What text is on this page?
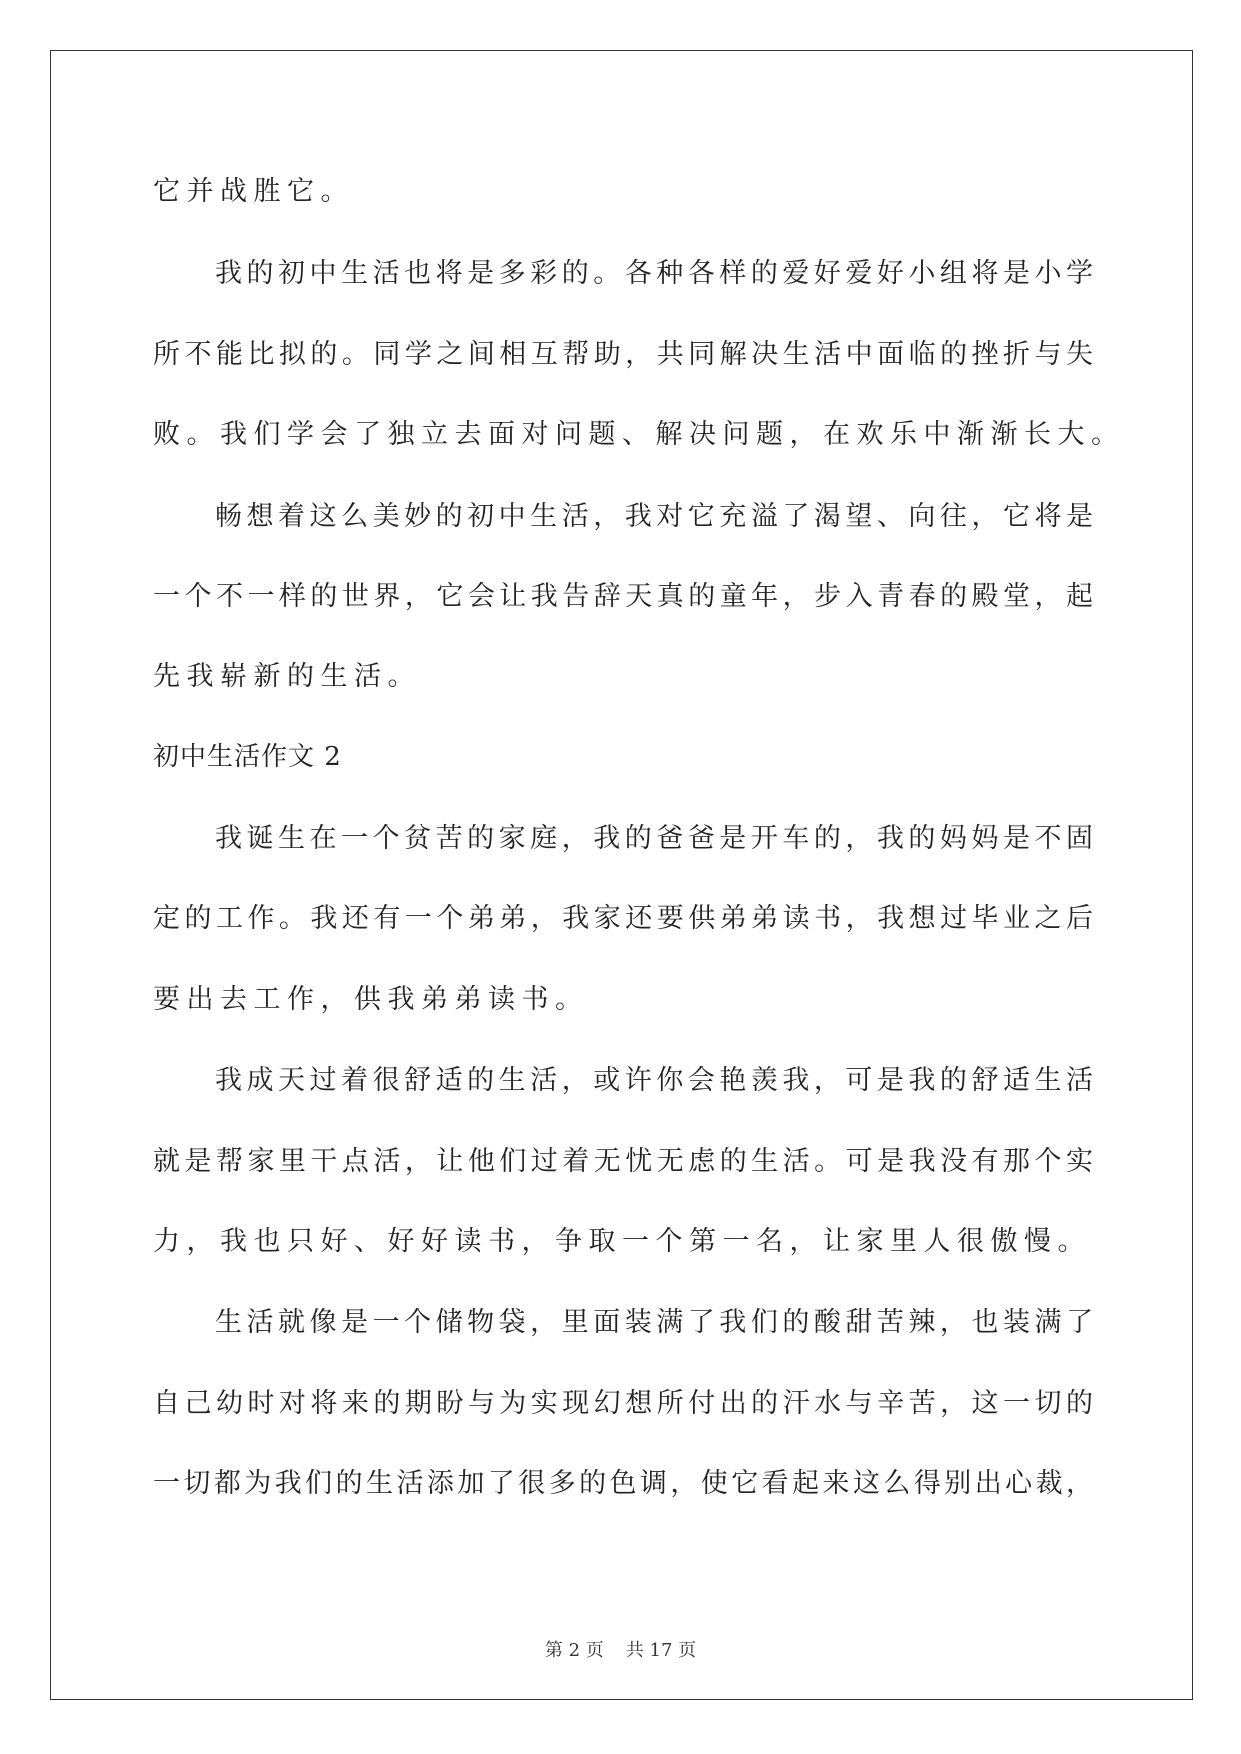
它并战胜它。
我的初中生活也将是多彩的。各种各样的爱好爱好小组将是小学
所不能比拟的。同学之间相互帮助，共同解决生活中面临的挫折与失
败。我们学会了独立去面对问题、解决问题，在欢乐中渐渐长大。
畅想着这么美妙的初中生活，我对它充溢了渴望、向往，它将是
一个不一样的世界，它会让我告辞天真的童年，步入青春的殿堂，起
先我崭新的生活。
初中生活作文 2
我诞生在一个贫苦的家庭，我的爸爸是开车的，我的妈妈是不固
定的工作。我还有一个弟弟，我家还要供弟弟读书，我想过毕业之后
要出去工作，供我弟弟读书。
我成天过着很舒适的生活，或许你会艳羡我，可是我的舒适生活
就是帮家里干点活，让他们过着无忧无虑的生活。可是我没有那个实
力，我也只好、好好读书，争取一个第一名，让家里人很傲慢。
生活就像是一个储物袋，里面装满了我们的酸甜苦辣，也装满了
自己幼时对将来的期盼与为实现幻想所付出的汗水与辛苦，这一切的
一切都为我们的生活添加了很多的色调，使它看起来这么得别出心裁，
第 2 页 共 17 页
